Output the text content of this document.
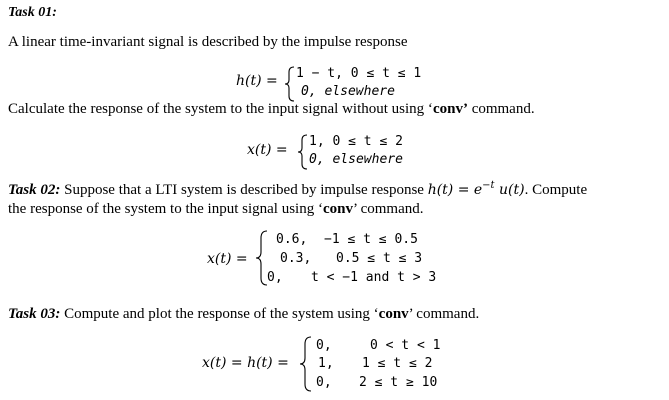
Task 01:
A linear time-invariant signal is described by the impulse response
h(t) = 1 − t, 0 ≤ t ≤ 1
0, elsewhere
Calculate the response of the system to the input signal without using ‘conv’ command.
x(t) =
1, 0 ≤ t ≤ 2
0, elsewhere
Task 02: Suppose that a LTI system is described by impulse response $h(t) = e^{-t}$ u(t). Compute
the response of the system to the input signal using ‘conv’ command.
x(t) =
0.6, −1 ≤ t ≤ 0.5
0.3, 0.5 ≤ t ≤ 3
0, t < −1 and t > 3
Task 03: Compute and plot the response of the system using ‘conv’ command.
x(t) = h(t) =
0,	0 < t < 1
1, 1 ≤ t ≤ 2
0, 2 ≤ t ≥ 10
